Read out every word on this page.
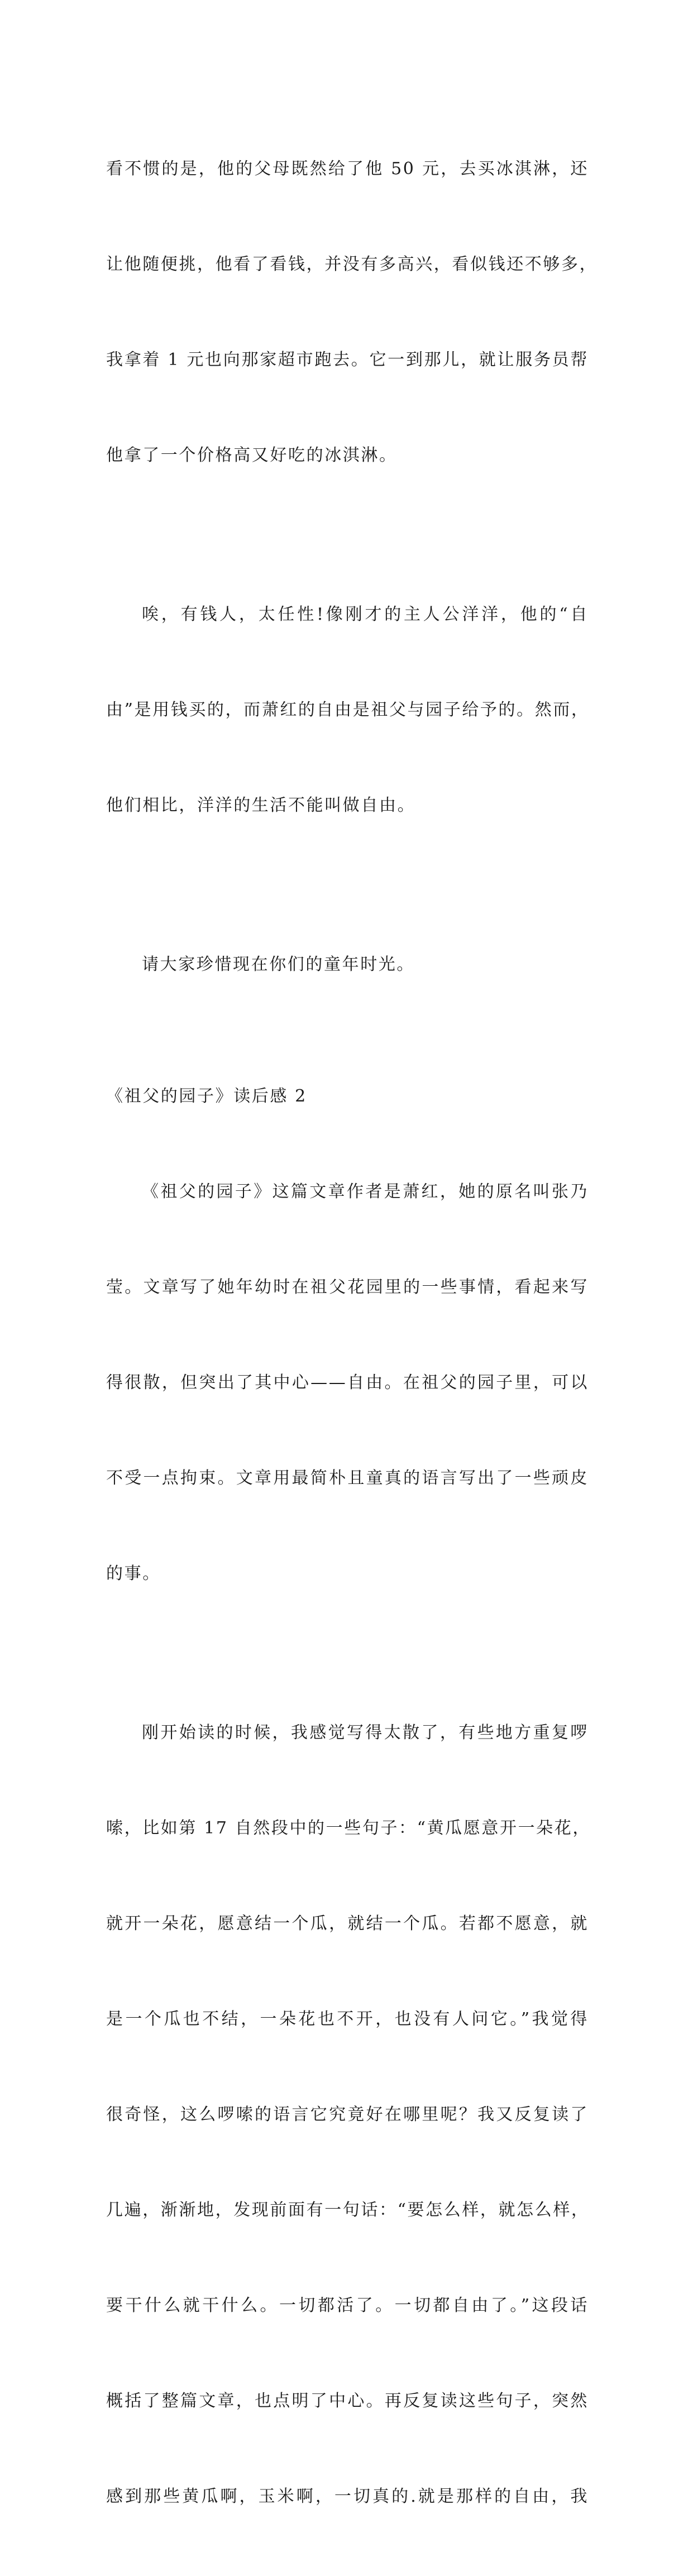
看不惯的是，他的父母既然给了他 50 元，去买冰淇淋，还

让他随便挑，他看了看钱，并没有多高兴，看似钱还不够多，

我拿着 1 元也向那家超市跑去。它一到那儿，就让服务员帮

他拿了一个价格高又好吃的冰淇淋。

唉，有钱人，太任性!像刚才的主人公洋洋，他的“自

由”是用钱买的，而萧红的自由是祖父与园子给予的。然而，

他们相比，洋洋的生活不能叫做自由。

请大家珍惜现在你们的童年时光。

《祖父的园子》读后感 2

《祖父的园子》这篇文章作者是萧红，她的原名叫张乃

莹。文章写了她年幼时在祖父花园里的一些事情，看起来写

得很散，但突出了其中心——自由。在祖父的园子里，可以

不受一点拘束。文章用最简朴且童真的语言写出了一些顽皮

的事。

刚开始读的时候，我感觉写得太散了，有些地方重复啰

嗦，比如第 17 自然段中的一些句子：“黄瓜愿意开一朵花，

就开一朵花，愿意结一个瓜，就结一个瓜。若都不愿意，就

是一个瓜也不结，一朵花也不开，也没有人问它。”我觉得

很奇怪，这么啰嗦的语言它究竟好在哪里呢？我又反复读了

几遍，渐渐地，发现前面有一句话：“要怎么样，就怎么样，

要干什么就干什么。一切都活了。一切都自由了。”这段话

概括了整篇文章，也点明了中心。再反复读这些句子，突然

感到那些黄瓜啊，玉米啊，一切真的.就是那样的自由，我
